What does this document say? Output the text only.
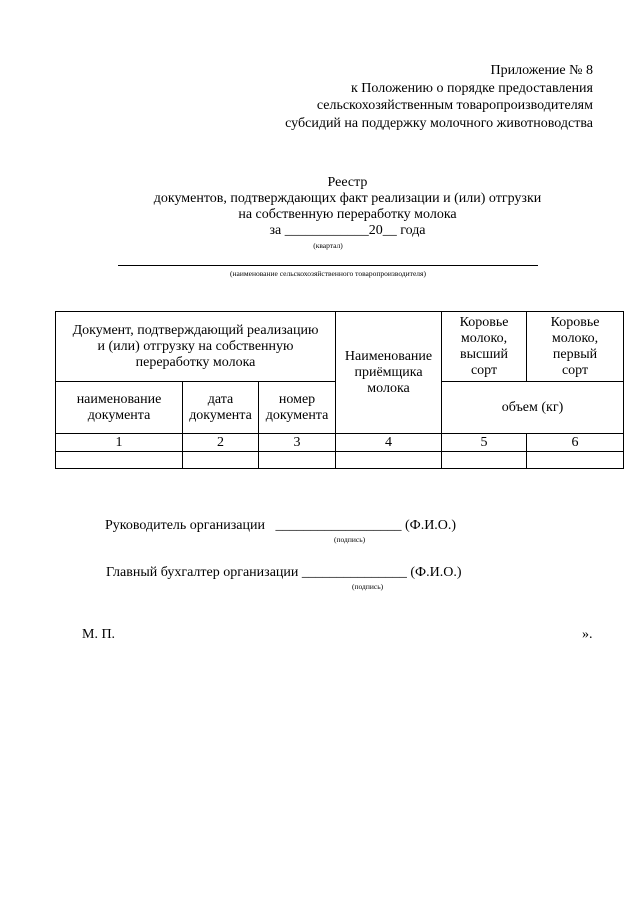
Приложение № 8
к Положению о порядке предоставления
сельскохозяйственным товаропроизводителям
субсидий на поддержку молочного животноводства
Реестр
документов, подтверждающих факт реализации и (или) отгрузки
на собственную переработку молока
за ____________20__ года
(квартал)
(наименование сельскохозяйственного товаропроизводителя)
Документ, подтверждающий реализацию и (или) отгрузку на собственную переработку молока			Наименование приёмщика молока	Коровье молоко, высший сорт	Коровье молоко, первый сорт
наименование документа	дата документа	номер документа		объем (кг)	
1	2	3	4	5	6

Руководитель организации __________________ (Ф.И.О.)
(подпись)
Главный бухгалтер организации _______________ (Ф.И.О.)
(подпись)
М. П.	».
